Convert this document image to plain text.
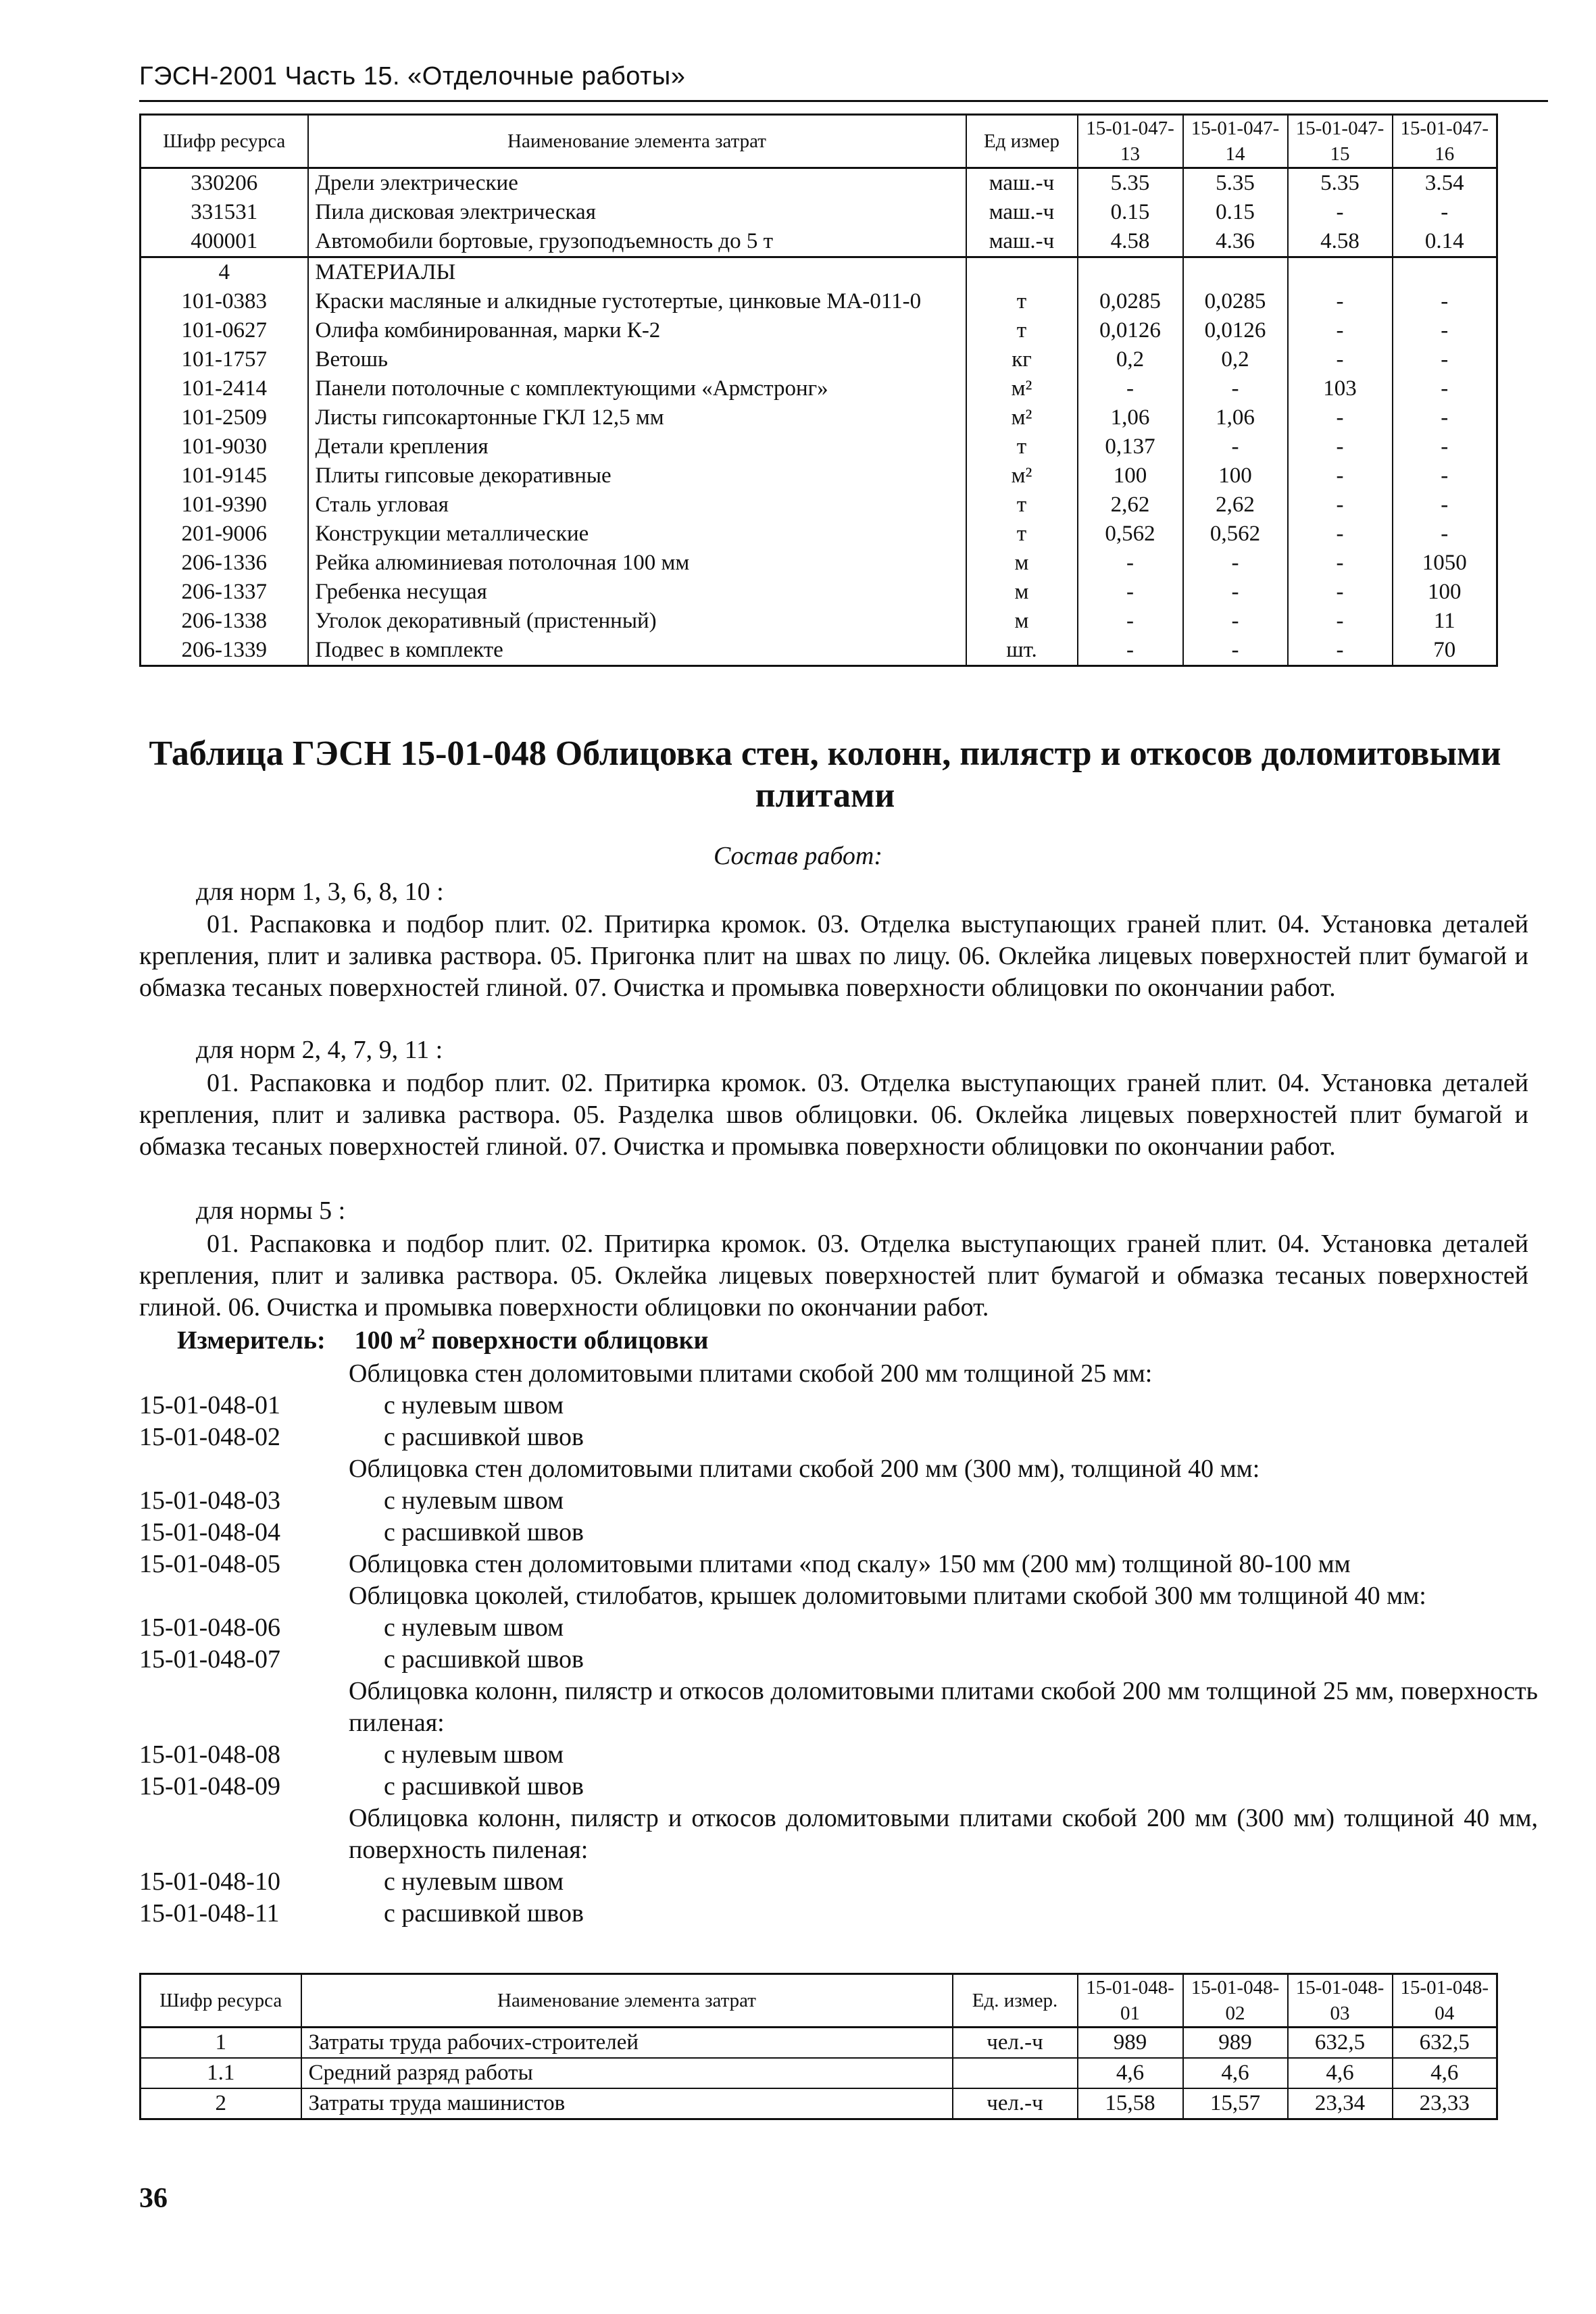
ГЭСН-2001 Часть 15. «Отделочные работы»
Шифр ресурса	Наименование элемента затрат	Ед измер	15-01-047-13	15-01-047-14	15-01-047-15	15-01-047-16
330206	Дрели электрические	маш.-ч	5.35	5.35	5.35	3.54
331531	Пила дисковая электрическая	маш.-ч	0.15	0.15	-	-
400001	Автомобили бортовые, грузоподъемность до 5 т	маш.-ч	4.58	4.36	4.58	0.14
4	МАТЕРИАЛЫ					
101-0383	Краски масляные и алкидные густотертые, цинковые МА-011-0	т	0,0285	0,0285	-	-
101-0627	Олифа комбинированная, марки К-2	т	0,0126	0,0126	-	-
101-1757	Ветошь	кг	0,2	0,2	-	-
101-2414	Панели потолочные с комплектующими «Армстронг»	м²	-	-	103	-
101-2509	Листы гипсокартонные ГКЛ 12,5 мм	м²	1,06	1,06	-	-
101-9030	Детали крепления	т	0,137	-	-	-
101-9145	Плиты гипсовые декоративные	м²	100	100	-	-
101-9390	Сталь угловая	т	2,62	2,62	-	-
201-9006	Конструкции металлические	т	0,562	0,562	-	-
206-1336	Рейка алюминиевая потолочная 100 мм	м	-	-	-	1050
206-1337	Гребенка несущая	м	-	-	-	100
206-1338	Уголок декоративный (пристенный)	м	-	-	-	11
206-1339	Подвес в комплекте	шт.	-	-	-	70
Таблица ГЭСН 15-01-048 Облицовка стен, колонн, пилястр и откосов доломитовыми
плитами
Состав работ:
для норм 1, 3, 6, 8, 10 :

01. Распаковка и подбор плит. 02. Притирка кромок. 03. Отделка выступающих граней плит. 04. Установка деталей крепления, плит и заливка раствора. 05. Пригонка плит на швах по лицу. 06. Оклейка лицевых поверхностей плит бумагой и обмазка тесаных поверхностей глиной. 07. Очистка и промывка поверхности облицовки по окончании работ.

для норм 2, 4, 7, 9, 11 :

01. Распаковка и подбор плит. 02. Притирка кромок. 03. Отделка выступающих граней плит. 04. Установка деталей крепления, плит и заливка раствора. 05. Разделка швов облицовки. 06. Оклейка лицевых поверхностей плит бумагой и обмазка тесаных поверхностей глиной. 07. Очистка и промывка поверхности облицовки по окончании работ.

для нормы 5 :

01. Распаковка и подбор плит. 02. Притирка кромок. 03. Отделка выступающих граней плит. 04. Установка деталей крепления, плит и заливка раствора. 05. Оклейка лицевых поверхностей плит бумагой и обмазка тесаных поверхностей глиной. 06. Очистка и промывка поверхности облицовки по окончании работ.

Измеритель: 100 $м^2$ поверхности облицовки
Облицовка стен доломитовыми плитами скобой 200 мм толщиной 25 мм:
15-01-048-01	с нулевым швом
15-01-048-02	с расшивкой швов
Облицовка стен доломитовыми плитами скобой 200 мм (300 мм), толщиной 40 мм:
15-01-048-03	с нулевым швом
15-01-048-04	с расшивкой швов
15-01-048-05	Облицовка стен доломитовыми плитами «под скалу» 150 мм (200 мм) толщиной 80-100 мм
Облицовка цоколей, стилобатов, крышек доломитовыми плитами скобой 300 мм толщиной 40 мм:
15-01-048-06	с нулевым швом
15-01-048-07	с расшивкой швов
Облицовка колонн, пилястр и откосов доломитовыми плитами скобой 200 мм толщиной 25 мм, поверхность пиленая:
15-01-048-08	с нулевым швом
15-01-048-09	с расшивкой швов
Облицовка колонн, пилястр и откосов доломитовыми плитами скобой 200 мм (300 мм) толщиной 40 мм, поверхность пиленая:
15-01-048-10	с нулевым швом
15-01-048-11	с расшивкой швов
Шифр ресурса	Наименование элемента затрат	Ед. измер.	15-01-048-01	15-01-048-02	15-01-048-03	15-01-048-04
1	Затраты труда рабочих-строителей	чел.-ч	989	989	632,5	632,5
1.1	Средний разряд работы		4,6	4,6	4,6	4,6
2	Затраты труда машинистов	чел.-ч	15,58	15,57	23,34	23,33
36
